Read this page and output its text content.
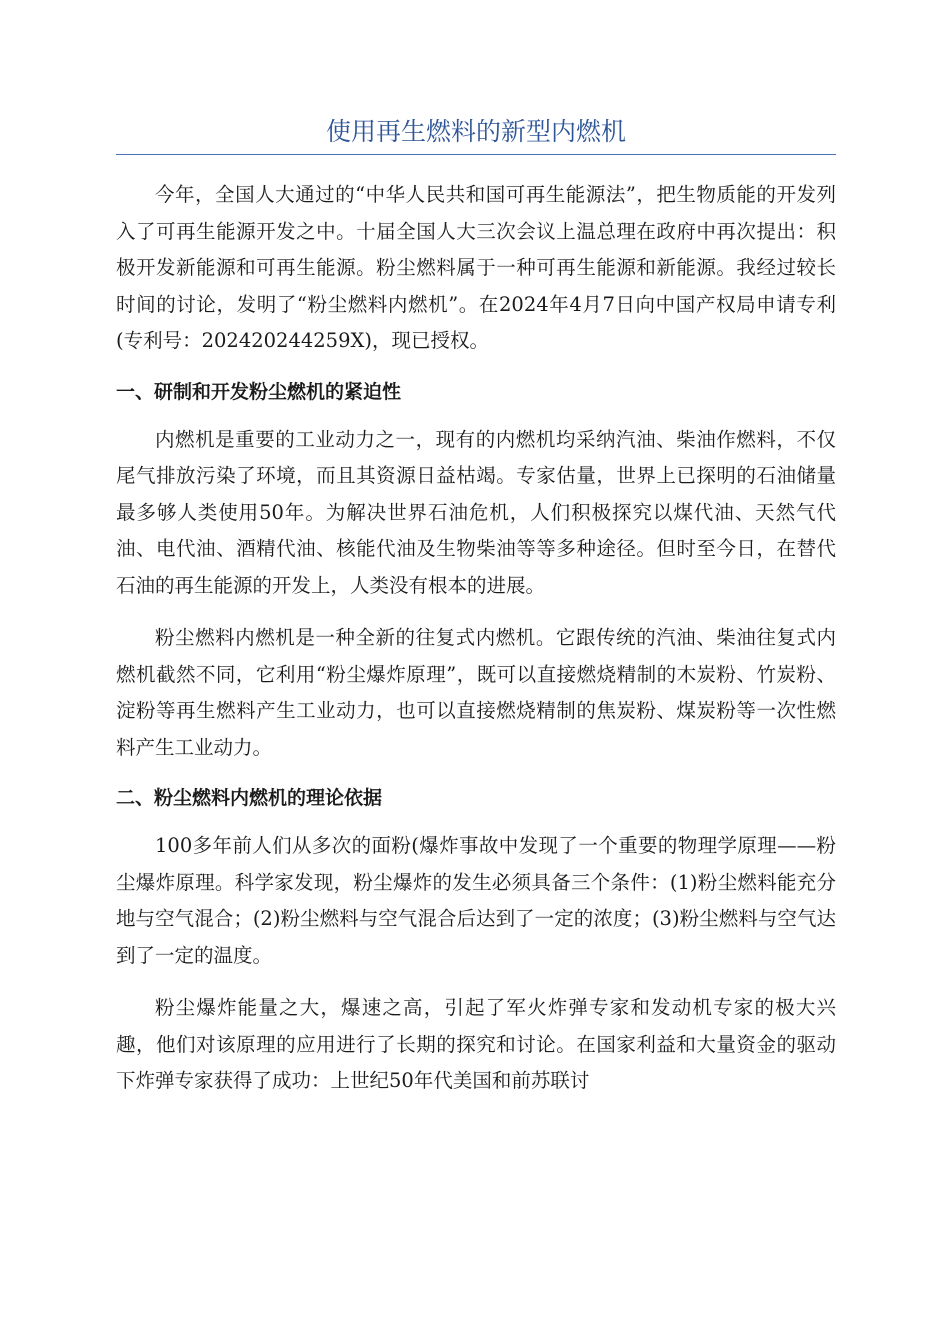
使用再生燃料的新型内燃机

今年，全国人大通过的“中华人民共和国可再生能源法”，把生物质能的开发列入了可再生能源开发之中。十届全国人大三次会议上温总理在政府中再次提出：积极开发新能源和可再生能源。粉尘燃料属于一种可再生能源和新能源。我经过较长时间的讨论，发明了“粉尘燃料内燃机”。在2024年4月7日向中国产权局申请专利(专利号：202420244259X)，现已授权。

一、研制和开发粉尘燃机的紧迫性

内燃机是重要的工业动力之一，现有的内燃机均采纳汽油、柴油作燃料，不仅尾气排放污染了环境，而且其资源日益枯竭。专家估量，世界上已探明的石油储量最多够人类使用50年。为解决世界石油危机，人们积极探究以煤代油、天然气代油、电代油、酒精代油、核能代油及生物柴油等等多种途径。但时至今日，在替代石油的再生能源的开发上，人类没有根本的进展。

粉尘燃料内燃机是一种全新的往复式内燃机。它跟传统的汽油、柴油往复式内燃机截然不同，它利用“粉尘爆炸原理”，既可以直接燃烧精制的木炭粉、竹炭粉、淀粉等再生燃料产生工业动力，也可以直接燃烧精制的焦炭粉、煤炭粉等一次性燃料产生工业动力。

二、粉尘燃料内燃机的理论依据

100多年前人们从多次的面粉(爆炸事故中发现了一个重要的物理学原理——粉尘爆炸原理。科学家发现，粉尘爆炸的发生必须具备三个条件：(1)粉尘燃料能充分地与空气混合；(2)粉尘燃料与空气混合后达到了一定的浓度；(3)粉尘燃料与空气达到了一定的温度。

粉尘爆炸能量之大，爆速之高，引起了军火炸弹专家和发动机专家的极大兴趣，他们对该原理的应用进行了长期的探究和讨论。在国家利益和大量资金的驱动下炸弹专家获得了成功：上世纪50年代美国和前苏联讨
